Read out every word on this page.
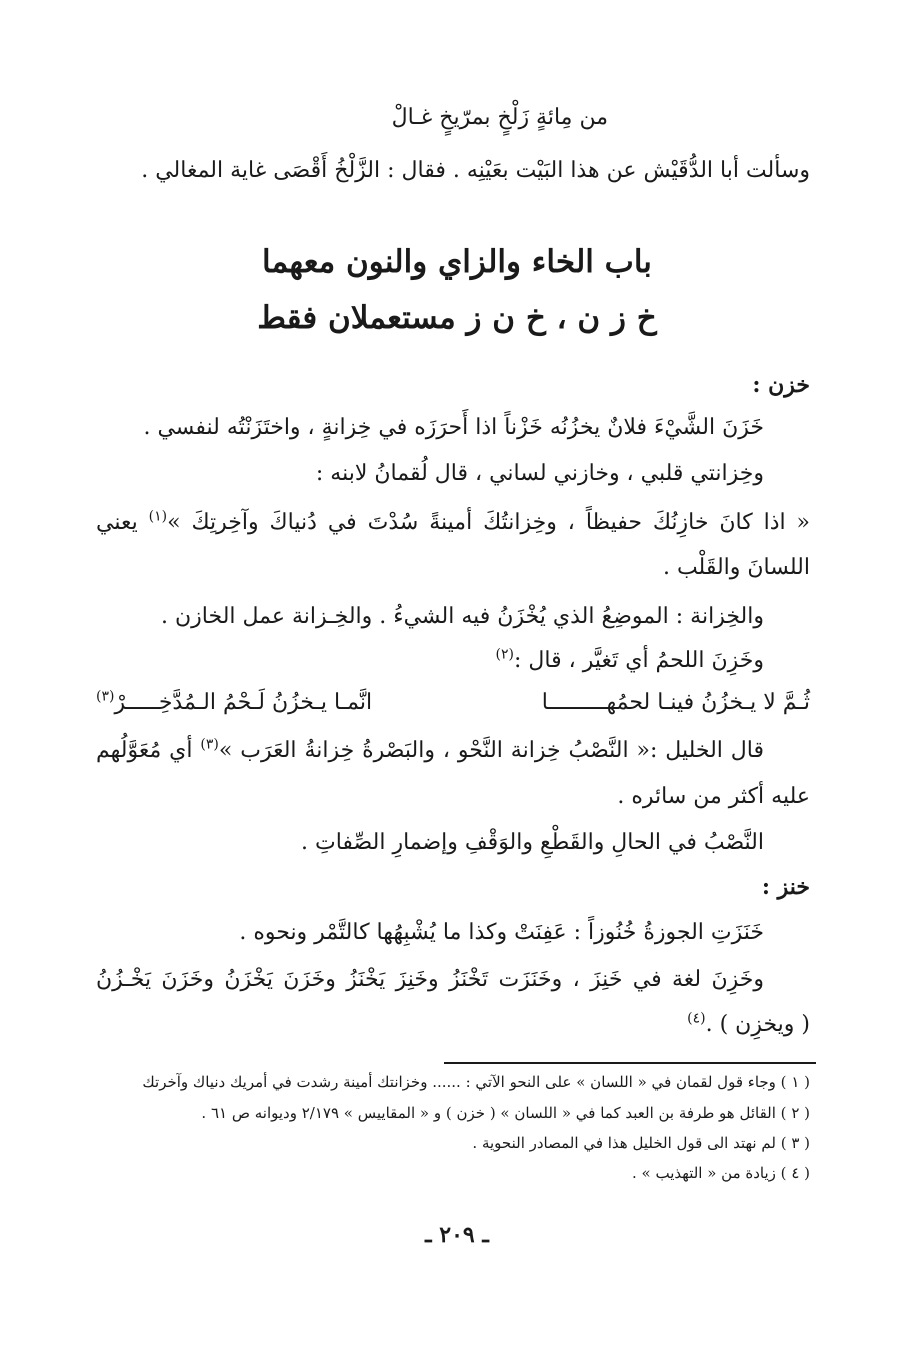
من مِائةٍ زَلْخٍ بمرّيخٍ غـالْ
وسألت أبا الدُّقَيْش عن هذا البَيْت بعَيْنِه . فقال : الزَّلْخُ أَقْصَى غاية المغالي .
باب الخاء والزاي والنون معهما
خ ز ن ، خ ن ز مستعملان فقط
خزن :
خَزَنَ الشَّيْءَ فلانٌ يخزُنُه خَزْناً اذا أَحرَزَه في خِزانةٍ ، واختَزَنْتُه لنفسي .
وخِزانتي قلبي ، وخازني لساني ، قال لُقمانُ لابنه :
« اذا كانَ خازِنُكَ حفيظاً ، وخِزانتُكَ أمينةً سُدْتَ في دُنياكَ وآخِرتِكَ »$^{(١)}$ يعني
اللسانَ والقَلْب .
والخِزانة : الموضِعُ الذي يُخْزَنُ فيه الشيءُ . والخِـزانة عمل الخازن .
وخَزِنَ اللحمُ أي تَغيَّر ، قال :$^{(٢)}$
ثُـمَّ لا يـخزُنُ فينـا لحمُهـــــــــا
انَّمـا يـخزُنُ لَـحْمُ الـمُدَّخِـــــرْ$^{(٣)}$
قال الخليل :« النَّصْبُ خِزانة النَّحْو ، والبَصْرةُ خِزانةُ العَرَب »$^{(٣)}$ أي مُعَوَّلُهم
عليه أكثر من سائره .
النَّصْبُ في الحالِ والقَطْعِ والوَقْفِ وإضمارِ الصِّفاتِ .
خنز :
خَنَزَتِ الجوزةُ خُنُوزاً : عَفِنَتْ وكذا ما يُشْبِهُها كالتَّمْر ونحوه .
وخَزِنَ لغة في خَنِزَ ، وخَنَزَت تَخْنَزُ وخَنِزَ يَخْنَزُ وخَزَنَ يَخْزَنُ وخَزَنَ يَخْـزُنُ
( ويخزِن ) .$^{(٤)}$
( ١ ) وجاء قول لقمان في « اللسان » على النحو الآتي : ...... وخزانتك أمينة رشدت في أمريك دنياك وآخرتك
( ٢ ) القائل هو طرفة بن العبد كما في « اللسان » ( خزن ) و « المقاييس » ٢/١٧٩ وديوانه ص ٦١ .
( ٣ ) لم نهتد الى قول الخليل هذا في المصادر النحوية .
( ٤ ) زيادة من « التهذيب » .
ـ ٢٠٩ ـ
